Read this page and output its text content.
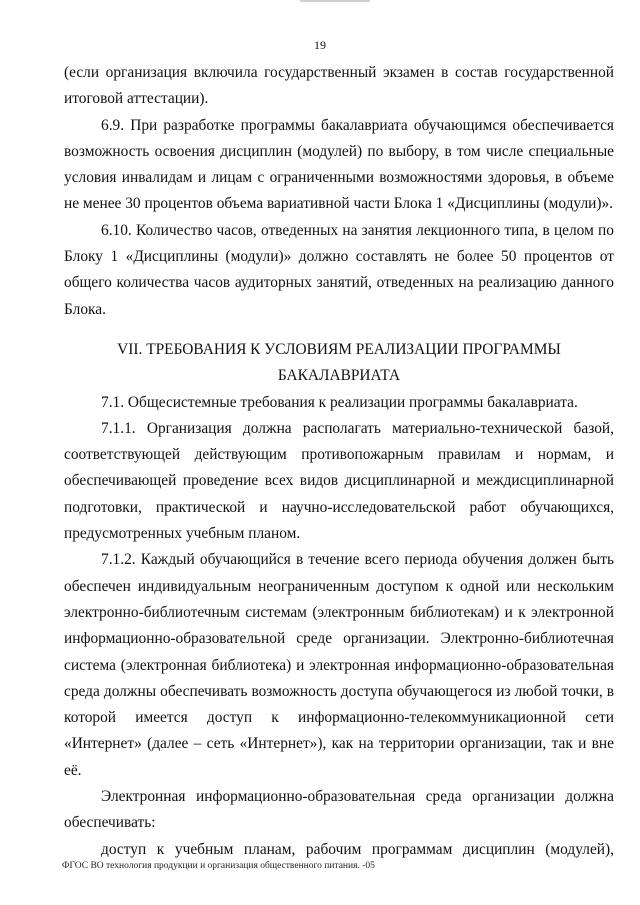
19

(если организация включила государственный экзамен в состав государственной итоговой аттестации).

6.9. При разработке программы бакалавриата обучающимся обеспечивается возможность освоения дисциплин (модулей) по выбору, в том числе специальные условия инвалидам и лицам с ограниченными возможностями здоровья, в объеме не менее 30 процентов объема вариативной части Блока 1 «Дисциплины (модули)».

6.10. Количество часов, отведенных на занятия лекционного типа, в целом по Блоку 1 «Дисциплины (модули)» должно составлять не более 50 процентов от общего количества часов аудиторных занятий, отведенных на реализацию данного Блока.

VII. ТРЕБОВАНИЯ К УСЛОВИЯМ РЕАЛИЗАЦИИ ПРОГРАММЫ
БАКАЛАВРИАТА

7.1. Общесистемные требования к реализации программы бакалавриата.

7.1.1. Организация должна располагать материально-технической базой, соответствующей действующим противопожарным правилам и нормам, и обеспечивающей проведение всех видов дисциплинарной и междисциплинарной подготовки, практической и научно-исследовательской работ обучающихся, предусмотренных учебным планом.

7.1.2. Каждый обучающийся в течение всего периода обучения должен быть обеспечен индивидуальным неограниченным доступом к одной или нескольким электронно-библиотечным системам (электронным библиотекам) и к электронной информационно-образовательной среде организации. Электронно-библиотечная система (электронная библиотека) и электронная информационно-образовательная среда должны обеспечивать возможность доступа обучающегося из любой точки, в которой имеется доступ к информационно-телекоммуникационной сети «Интернет» (далее – сеть «Интернет»), как на территории организации, так и вне её.

Электронная информационно-образовательная среда организации должна обеспечивать:

доступ к учебным планам, рабочим программам дисциплин (модулей),

ФГОС ВО технология продукции и организация общественного питания. -05
